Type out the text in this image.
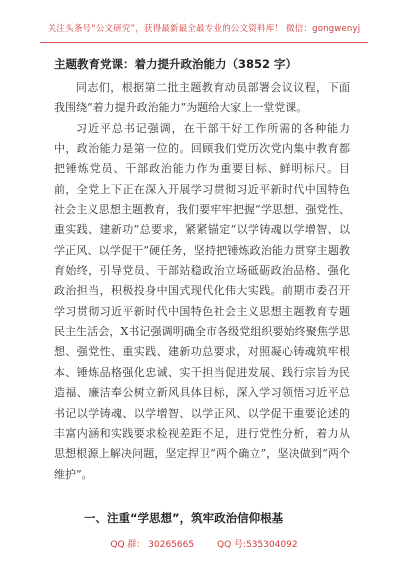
关注头条号“公文研究”，获得最新最全最专业的公文资料库！ 微信：gongwenyj
主题教育党课：着力提升政治能力（3852 字）

同志们，根据第二批主题教育动员部署会议议程，下面我围绕“着力提升政治能力”为题给大家上一堂党课。

习近平总书记强调，在干部干好工作所需的各种能力中，政治能力是第一位的。回顾我们党历次党内集中教育都把锤炼党员、干部政治能力作为重要目标、鲜明标尺。目前，全党上下正在深入开展学习贯彻习近平新时代中国特色社会主义思想主题教育，我们要牢牢把握“学思想、强党性、重实践、建新功”总要求，紧紧锚定“以学铸魂以学增智、以学正风、以学促干”硬任务，坚持把锤炼政治能力贯穿主题教育始终，引导党员、干部站稳政治立场砥砺政治品格、强化政治担当，积极投身中国式现代化伟大实践。前期市委召开学习贯彻习近平新时代中国特色社会主义思想主题教育专题民主生活会，X书记强调明确全市各级党组织要始终聚焦学思想、强党性、重实践、建新功总要求，对照凝心铸魂筑牢根本、锤炼品格强化忠诚、实干担当促进发展、践行宗旨为民造福、廉洁奉公树立新风具体目标，深入学习领悟习近平总书记以学铸魂、以学增智、以学正风、以学促干重要论述的丰富内涵和实践要求检视差距不足，进行党性分析，着力从思想根源上解决问题，坚定捍卫“两个确立”，坚决做到“两个维护”。

一、注重“学思想”，筑牢政治信仰根基
QQ 群： 30265665	QQ 号:535304092
